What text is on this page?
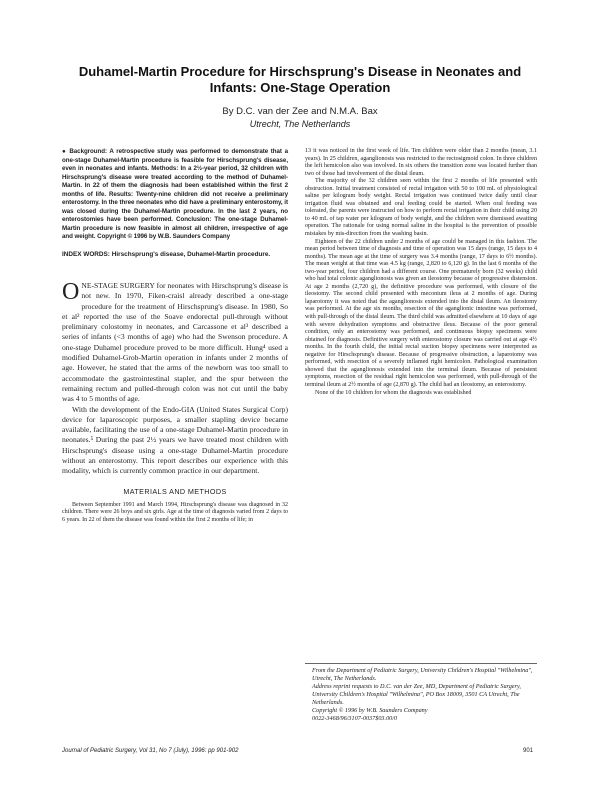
Duhamel-Martin Procedure for Hirschsprung's Disease in Neonates and Infants: One-Stage Operation

By D.C. van der Zee and N.M.A. Bax

Utrecht, The Netherlands

● Background: A retrospective study was performed to demonstrate that a one-stage Duhamel-Martin procedure is feasible for Hirschsprung's disease, even in neonates and infants. Methods: In a 2½-year period, 32 children with Hirschsprung's disease were treated according to the method of Duhamel-Martin. In 22 of them the diagnosis had been established within the first 2 months of life. Results: Twenty-nine children did not receive a preliminary enterostomy. In the three neonates who did have a preliminary enterostomy, it was closed during the Duhamel-Martin procedure. In the last 2 years, no enterostomies have been performed. Conclusion: The one-stage Duhamel-Martin procedure is now feasible in almost all children, irrespective of age and weight. Copyright © 1996 by W.B. Saunders Company

INDEX WORDS: Hirschsprung's disease, Duhamel-Martin procedure.

O NE-STAGE SURGERY for neonates with Hirschsprung's disease is not new. In 1970, Fiken-craisl already described a one-stage procedure for the treatment of Hirschsprung's disease. In 1980, So et al² reported the use of the Soave endorectal pull-through without preliminary colostomy in neonates, and Carcassone et al³ described a series of infants (<3 months of age) who had the Swenson procedure. A one-stage Duhamel procedure proved to be more difficult. Hung⁴ used a modified Duhamel-Grob-Martin operation in infants under 2 months of age. However, he stated that the arms of the newborn was too small to accommodate the gastrointestinal stapler, and the spur between the remaining rectum and pulled-through colon was not cut until the baby was 4 to 5 months of age.

With the development of the Endo-GIA (United States Surgical Corp) device for laparoscopic purposes, a smaller stapling device became available, facilitating the use of a one-stage Duhamel-Martin procedure in neonates.⁵ During the past 2½ years we have treated most children with Hirschsprung's disease using a one-stage Duhamel-Martin procedure without an enterostomy. This report describes our experience with this modality, which is currently common practice in our department.

MATERIALS AND METHODS

Between September 1991 and March 1994, Hirschsprung's disease was diagnosed in 32 children. There were 26 boys and six girls. Age at the time of diagnosis varied from 2 days to 6 years. In 22 of them the disease was found within the first 2 months of life; in

13 it was noticed in the first week of life. Ten children were older than 2 months (mean, 3.1 years). In 25 children, aganglionosis was restricted to the rectosigmoid colon. In three children the left hemicolon also was involved. In six others the transition zone was located further than two of those had involvement of the distal ileum.

The majority of the 32 children seen within the first 2 months of life presented with obstruction. Initial treatment consisted of rectal irrigation with 50 to 100 mL of physiological saline per kilogram body weight. Rectal irrigation was continued twice daily until clear irrigation fluid was obtained and oral feeding could be started. When oral feeding was tolerated, the parents were instructed on how to perform rectal irrigation in their child using 20 to 40 mL of tap water per kilogram of body weight, and the children were dismissed awaiting operation. The rationale for using normal saline in the hospital is the prevention of possible mistakes by mis-direction from the washing basin.

Eighteen of the 22 children under 2 months of age could be managed in this fashion. The mean period between time of diagnosis and time of operation was 15 days (range, 15 days to 4 months). The mean age at the time of surgery was 3.4 months (range, 17 days to 6½ months). The mean weight at that time was 4.5 kg (range, 2,820 to 6,120 g). In the last 6 months of the two-year period, four children had a different course. One prematurely born (32 weeks) child who had total colonic aganglionosis was given an ileostomy because of progressive distension. At age 2 months (2,720 g), the definitive procedure was performed, with closure of the ileostomy. The second child presented with meconium ileus at 2 months of age. During laparotomy it was noted that the aganglionosis extended into the distal ileum. An ileostomy was performed. At the age six months, resection of the aganglionic intestine was performed, with pull-through of the distal ileum. The third child was admitted elsewhere at 10 days of age with severe dehydration symptoms and obstructive ileus. Because of the poor general condition, only an enterostomy was performed, and continuous biopsy specimens were obtained for diagnosis. Definitive surgery with enterostomy closure was carried out at age 4½ months. In the fourth child, the initial rectal suction biopsy specimens were interpreted as negative for Hirschsprung's disease. Because of progressive obstruction, a laparotomy was performed, with resection of a severely inflamed right hemicolon. Pathological examination showed that the aganglionosis extended into the terminal ileum. Because of persistent symptoms, resection of the residual right hemicolon was performed, with pull-through of the terminal ileum at 2½ months of age (2,870 g). The child had an ileostomy, an enterostomy.

None of the 10 children for whom the diagnosis was established

From the Department of Pediatric Surgery, University Children's Hospital "Wilhelmina", Utrecht, The Netherlands.

Address reprint requests to D.C. van der Zee, MD, Department of Pediatric Surgery, University Children's Hospital "Wilhelmina", PO Box 18009, 3501 CA Utrecht, The Netherlands.

Copyright © 1996 by W.B. Saunders Company

0022-3468/96/3107-0037$03.00/0

Journal of Pediatric Surgery, Vol 31, No 7 (July), 1996: pp 901-902	901
